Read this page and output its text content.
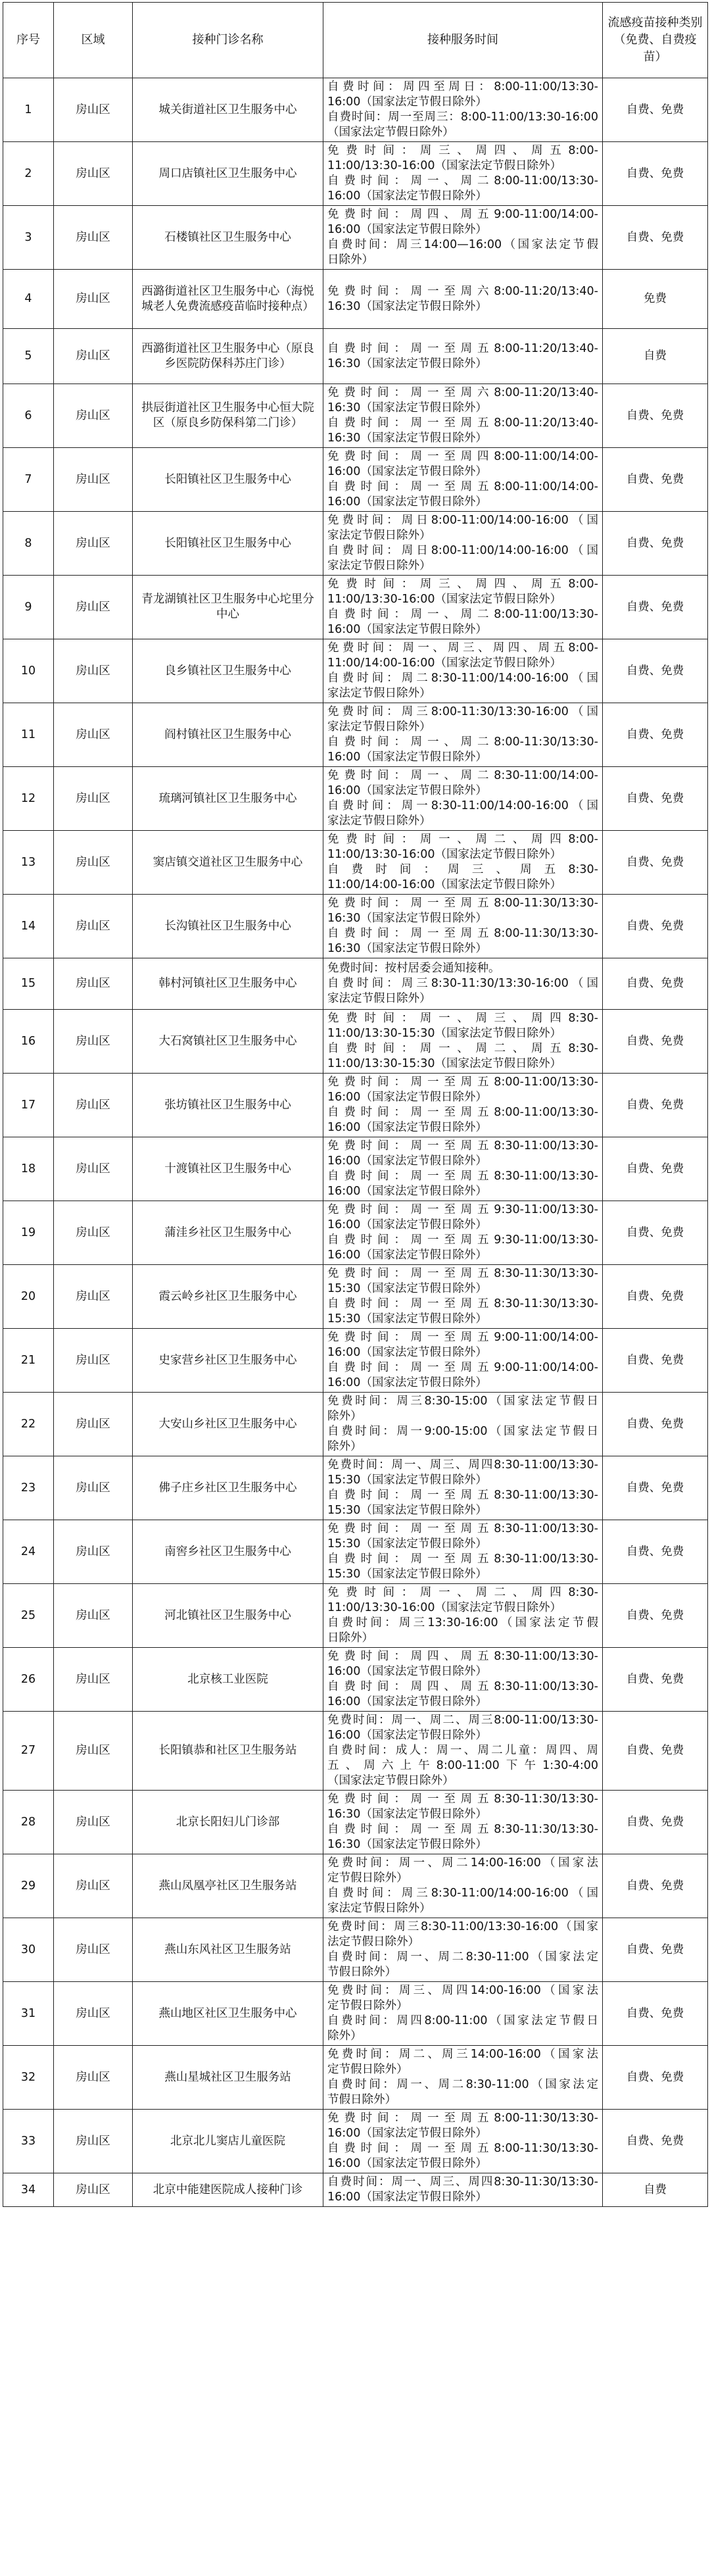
序号	区域	接种门诊名称	接种服务时间	流感疫苗接种类别（免费、自费疫苗）
1	房山区	城关街道社区卫生服务中心	自费时间：周四至周日：8:00-11:00/13:30-
16:00（国家法定节假日除外）
自费时间：周一至周三：8:00-11:00/13:30-16:00
（国家法定节假日除外）	自费、免费
2	房山区	周口店镇社区卫生服务中心	免费时间：周三、周四、周五8:00-
11:00/13:30-16:00（国家法定节假日除外）
自费时间：周一、周二8:00-11:00/13:30-
16:00（国家法定节假日除外）	自费、免费
3	房山区	石楼镇社区卫生服务中心	免费时间：周四、周五9:00-11:00/14:00-
16:00（国家法定节假日除外）
自费时间：周三14:00—16:00（国家法定节假
日除外）	自费、免费
4	房山区	西潞街道社区卫生服务中心（海悦城老人免费流感疫苗临时接种点）	免费时间：周一至周六8:00-11:20/13:40-
16:30（国家法定节假日除外）	免费
5	房山区	西潞街道社区卫生服务中心（原良乡医院防保科苏庄门诊）	自费时间：周一至周五8:00-11:20/13:40-
16:30（国家法定节假日除外）	自费
6	房山区	拱辰街道社区卫生服务中心恒大院区（原良乡防保科第二门诊）	免费时间：周一至周六8:00-11:20/13:40-
16:30（国家法定节假日除外）
自费时间：周一至周五8:00-11:20/13:40-
16:30（国家法定节假日除外）	自费、免费
7	房山区	长阳镇社区卫生服务中心	免费时间：周一至周四8:00-11:00/14:00-
16:00（国家法定节假日除外）
自费时间：周一至周五8:00-11:00/14:00-
16:00（国家法定节假日除外）	自费、免费
8	房山区	长阳镇社区卫生服务中心	免费时间：周日8:00-11:00/14:00-16:00（国
家法定节假日除外）
自费时间：周日8:00-11:00/14:00-16:00（国
家法定节假日除外）	自费、免费
9	房山区	青龙湖镇社区卫生服务中心坨里分中心	免费时间：周三、周四、周五8:00-
11:00/13:30-16:00（国家法定节假日除外）
自费时间：周一、周二8:00-11:00/13:30-
16:00（国家法定节假日除外）	自费、免费
10	房山区	良乡镇社区卫生服务中心	免费时间：周一、周三、周四、周五8:00-
11:00/14:00-16:00（国家法定节假日除外）
自费时间：周二8:30-11:00/14:00-16:00（国
家法定节假日除外）	自费、免费
11	房山区	阎村镇社区卫生服务中心	免费时间：周三8:00-11:30/13:30-16:00（国
家法定节假日除外）
自费时间：周一、周二8:00-11:30/13:30-
16:00（国家法定节假日除外）	自费、免费
12	房山区	琉璃河镇社区卫生服务中心	免费时间：周一、周二8:30-11:00/14:00-
16:00（国家法定节假日除外）
自费时间：周一8:30-11:00/14:00-16:00（国
家法定节假日除外）	自费、免费
13	房山区	窦店镇交道社区卫生服务中心	免费时间：周一、周二、周四8:00-
11:00/13:30-16:00（国家法定节假日除外）
自费时间：周三、周五8:30-
11:00/14:00-16:00（国家法定节假日除外）	自费、免费
14	房山区	长沟镇社区卫生服务中心	免费时间：周一至周五8:00-11:30/13:30-
16:30（国家法定节假日除外）
自费时间：周一至周五8:00-11:30/13:30-
16:30（国家法定节假日除外）	自费、免费
15	房山区	韩村河镇社区卫生服务中心	免费时间：按村居委会通知接种。
自费时间：周三8:30-11:30/13:30-16:00（国
家法定节假日除外）	自费、免费
16	房山区	大石窝镇社区卫生服务中心	免费时间：周一、周三、周四8:30-
11:00/13:30-15:30（国家法定节假日除外）
自费时间：周一、周二、周五8:30-
11:00/13:30-15:30（国家法定节假日除外）	自费、免费
17	房山区	张坊镇社区卫生服务中心	免费时间：周一至周五8:00-11:00/13:30-
16:00（国家法定节假日除外）
自费时间：周一至周五8:00-11:00/13:30-
16:00（国家法定节假日除外）	自费、免费
18	房山区	十渡镇社区卫生服务中心	免费时间：周一至周五8:30-11:00/13:30-
16:00（国家法定节假日除外）
自费时间：周一至周五8:30-11:00/13:30-
16:00（国家法定节假日除外）	自费、免费
19	房山区	蒲洼乡社区卫生服务中心	免费时间：周一至周五9:30-11:00/13:30-
16:00（国家法定节假日除外）
自费时间：周一至周五9:30-11:00/13:30-
16:00（国家法定节假日除外）	自费、免费
20	房山区	霞云岭乡社区卫生服务中心	免费时间：周一至周五8:30-11:30/13:30-
15:30（国家法定节假日除外）
自费时间：周一至周五8:30-11:30/13:30-
15:30（国家法定节假日除外）	自费、免费
21	房山区	史家营乡社区卫生服务中心	免费时间：周一至周五9:00-11:00/14:00-
16:00（国家法定节假日除外）
自费时间：周一至周五9:00-11:00/14:00-
16:00（国家法定节假日除外）	自费、免费
22	房山区	大安山乡社区卫生服务中心	免费时间：周三8:30-15:00（国家法定节假日
除外）
自费时间：周一9:00-15:00（国家法定节假日
除外）	自费、免费
23	房山区	佛子庄乡社区卫生服务中心	免费时间：周一、周三、周四8:30-11:00/13:30-
15:30（国家法定节假日除外）
自费时间：周一至周五8:30-11:00/13:30-
15:30（国家法定节假日除外）	自费、免费
24	房山区	南窖乡社区卫生服务中心	免费时间：周一至周五8:30-11:00/13:30-
15:30（国家法定节假日除外）
自费时间：周一至周五8:30-11:00/13:30-
15:30（国家法定节假日除外）	自费、免费
25	房山区	河北镇社区卫生服务中心	免费时间：周一、周二、周四8:30-
11:00/13:30-16:00（国家法定节假日除外）
自费时间：周三13:30-16:00（国家法定节假
日除外）	自费、免费
26	房山区	北京核工业医院	免费时间：周四、周五8:30-11:00/13:30-
16:00（国家法定节假日除外）
自费时间：周四、周五8:30-11:00/13:30-
16:00（国家法定节假日除外）	自费、免费
27	房山区	长阳镇恭和社区卫生服务站	免费时间：周一、周二、周三8:00-11:00/13:30-
16:00（国家法定节假日除外）
自费时间：成人：周一、周二儿童：周四、周
五、周六上午8:00-11:00下午1:30-4:00
（国家法定节假日除外）	自费、免费
28	房山区	北京长阳妇儿门诊部	免费时间：周一至周五8:30-11:30/13:30-
16:30（国家法定节假日除外）
自费时间：周一至周五8:30-11:30/13:30-
16:30（国家法定节假日除外）	自费、免费
29	房山区	燕山凤凰亭社区卫生服务站	免费时间：周一、周二14:00-16:00（国家法
定节假日除外）
自费时间：周三8:30-11:00/14:00-16:00（国
家法定节假日除外）	自费、免费
30	房山区	燕山东风社区卫生服务站	免费时间：周三8:30-11:00/13:30-16:00（国家
法定节假日除外）
自费时间：周一、周二8:30-11:00（国家法定
节假日除外）	自费、免费
31	房山区	燕山地区社区卫生服务中心	免费时间：周三、周四14:00-16:00（国家法
定节假日除外）
自费时间：周四8:00-11:00（国家法定节假日
除外）	自费、免费
32	房山区	燕山星城社区卫生服务站	免费时间：周二、周三14:00-16:00（国家法
定节假日除外）
自费时间：周一、周二8:30-11:00（国家法定
节假日除外）	自费、免费
33	房山区	北京北儿窦店儿童医院	免费时间：周一至周五8:00-11:30/13:30-
16:00（国家法定节假日除外）
自费时间：周一至周五8:00-11:30/13:30-
16:00（国家法定节假日除外）	自费、免费
34	房山区	北京中能建医院成人接种门诊	自费时间：周一、周三、周四8:30-11:30/13:30-
16:00（国家法定节假日除外）	自费
